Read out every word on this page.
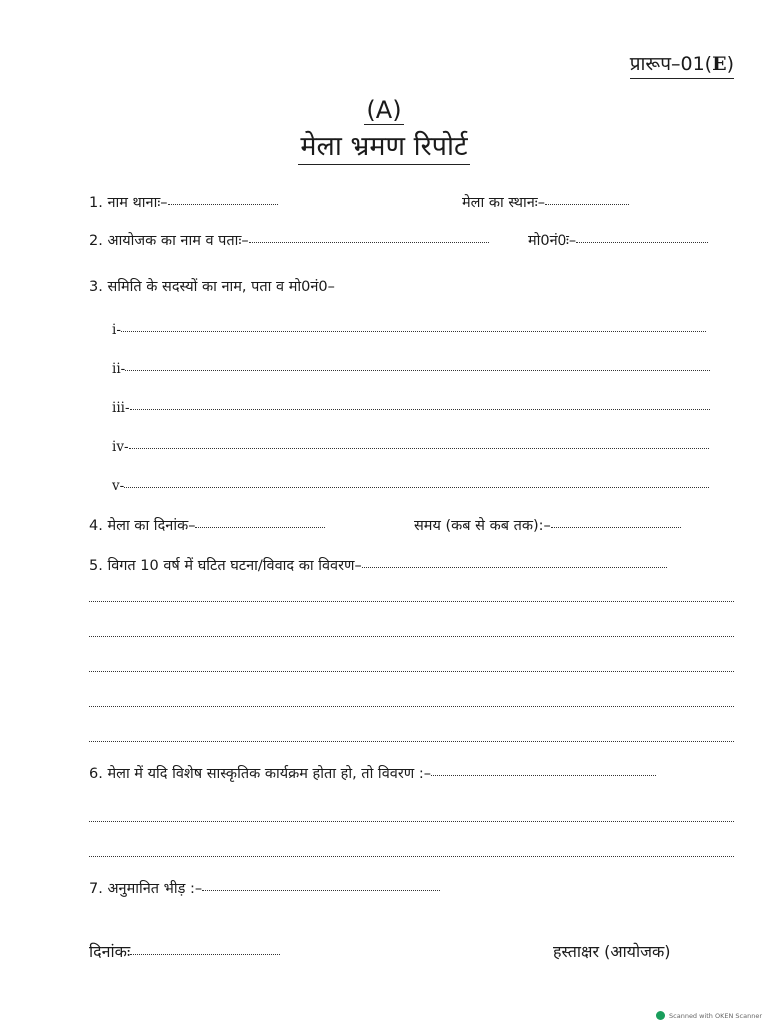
प्रारूप–01(E)
(A)
मेला भ्रमण रिपोर्ट
1. नाम थानाः–	मेला का स्थानः–
2. आयोजक का नाम व पताः–	मो0नं0ः–
3. समिति के सदस्यों का नाम, पता व मो0नं0–
i-
ii-
iii-
iv-
v-
4. मेला का दिनांक–	समय (कब से कब तक):–
5. विगत 10 वर्ष में घटित घटना/विवाद का विवरण–
6. मेला में यदि विशेष सास्कृतिक कार्यक्रम होता हो, तो विवरण :–
7. अनुमानित भीड़ :–
दिनांकः	हस्ताक्षर (आयोजक)
Scanned with OKEN Scanner
